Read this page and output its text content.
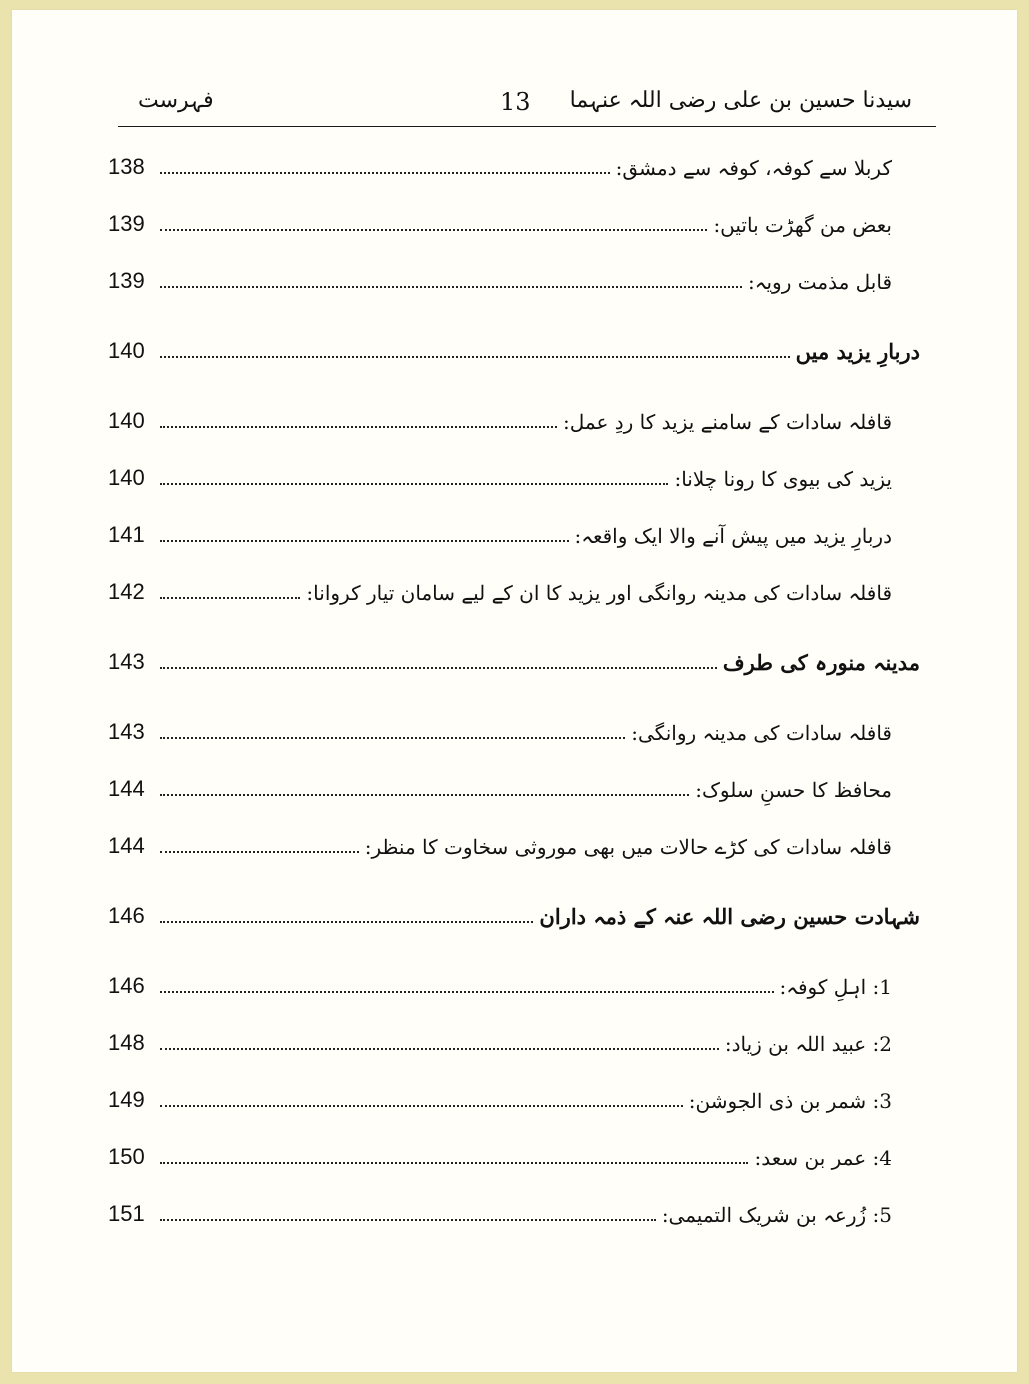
فہرست	13 سیدنا حسین بن علی رضی اللہ عنہما
138	کربلا سے کوفہ، کوفہ سے دمشق:
139	بعض من گھڑت باتیں:
139	قابل مذمت رویہ:
140	دربارِ یزید میں
140	قافلہ سادات کے سامنے یزید کا ردِ عمل:
140	یزید کی بیوی کا رونا چلانا:
141	دربارِ یزید میں پیش آنے والا ایک واقعہ:
142	قافلہ سادات کی مدینہ روانگی اور یزید کا ان کے لیے سامان تیار کروانا:
143	مدینہ منورہ کی طرف
143	قافلہ سادات کی مدینہ روانگی:
144	محافظ کا حسنِ سلوک:
144	قافلہ سادات کی کڑے حالات میں بھی موروثی سخاوت کا منظر:
146	شہادت حسین رضی اللہ عنہ کے ذمہ داران
146	1: اہلِ کوفہ:
148	2: عبید اللہ بن زیاد:
149	3: شمر بن ذی الجوشن:
150	4: عمر بن سعد:
151	5: زُرعہ بن شریک التمیمی:
